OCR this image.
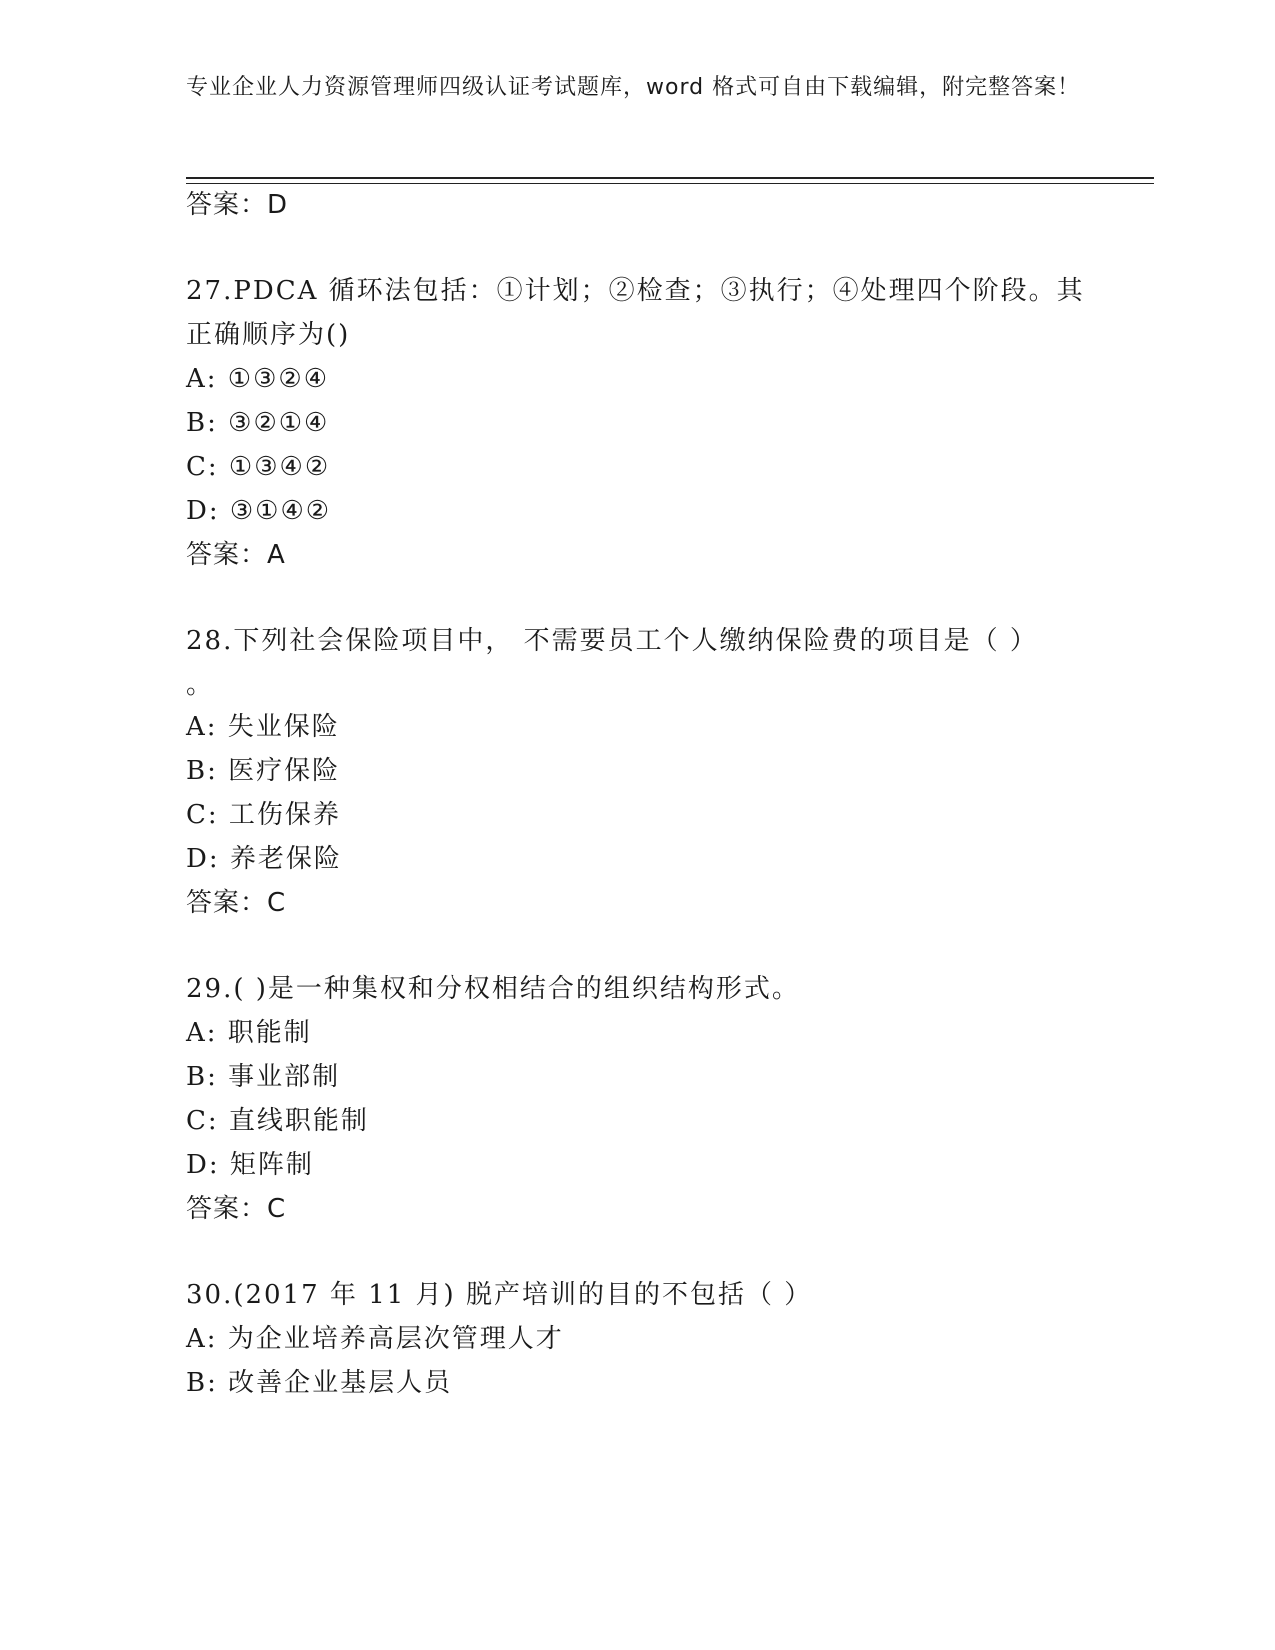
专业企业人力资源管理师四级认证考试题库，word 格式可自由下载编辑，附完整答案！
答案：D
27.PDCA 循环法包括：①计划；②检查；③执行；④处理四个阶段。其
正确顺序为()
A: ①③②④
B: ③②①④
C: ①③④②
D: ③①④②
答案：A
28.下列社会保险项目中， 不需要员工个人缴纳保险费的项目是（ ）
。
A: 失业保险
B: 医疗保险
C: 工伤保养
D: 养老保险
答案：C
29.( )是一种集权和分权相结合的组织结构形式。
A: 职能制
B: 事业部制
C: 直线职能制
D: 矩阵制
答案：C
30.(2017 年 11 月) 脱产培训的目的不包括（ ）
A: 为企业培养高层次管理人才
B: 改善企业基层人员
